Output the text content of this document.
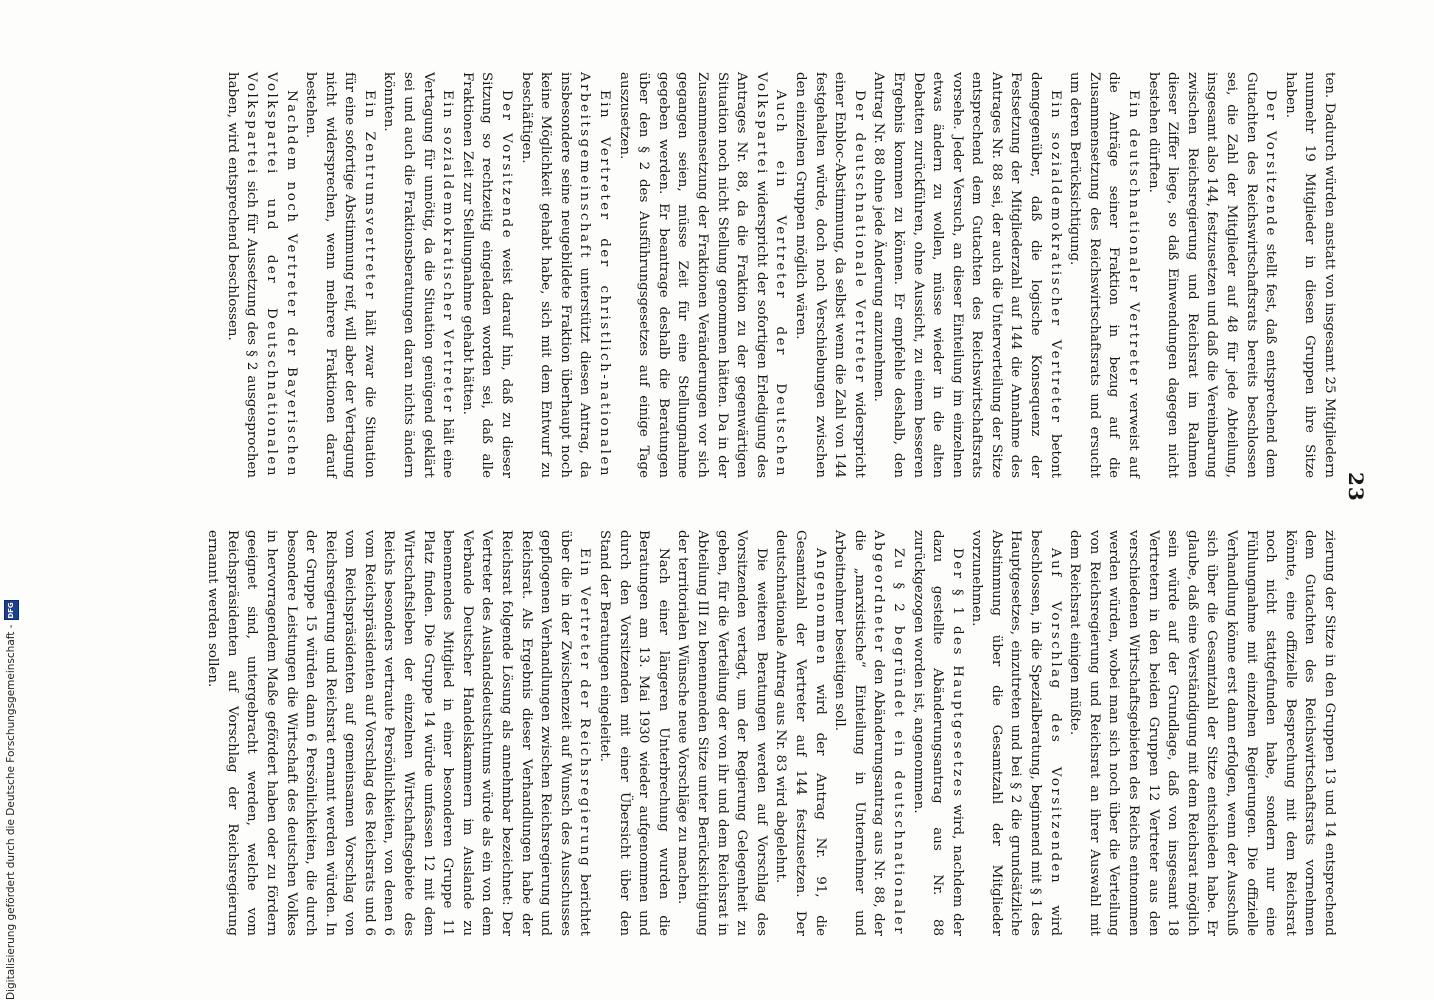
23

ten. Dadurch würden anstatt von insgesamt 25 Mitgliedern nunmehr 19 Mitglieder in diesen Gruppen ihre Sitze haben.

Der Vorsitzende stellt fest, daß entsprechend dem Gutachten des Reichswirtschaftsrats bereits beschlossen sei, die Zahl der Mitglieder auf 48 für jede Abteilung, insgesamt also 144, festzusetzen und daß die Vereinbarung zwischen Reichsregierung und Reichsrat im Rahmen dieser Ziffer liege, so daß Einwendungen dagegen nicht bestehen dürften.

Ein deutschnationaler Vertreter verweist auf die Anträge seiner Fraktion in bezug auf die Zusammensetzung des Reichswirtschaftsrats und ersucht um deren Berücksichtigung.

Ein sozialdemokratischer Vertreter betont demgegenüber, daß die logische Konsequenz der Festsetzung der Mitgliederzahl auf 144 die Annahme des Antrages Nr. 88 sei, der auch die Unterverteilung der Sitze entsprechend dem Gutachten des Reichswirtschaftsrats vorsehe. Jeder Versuch, an dieser Einteilung im einzelnen etwas ändern zu wollen, müsse wieder in die alten Debatten zurückführen, ohne Aussicht, zu einem besseren Ergebnis kommen zu können. Er empfehle deshalb, den Antrag Nr. 88 ohne jede Änderung anzunehmen.

Der deutschnationale Vertreter widerspricht einer Enbloc-Abstimmung, da selbst wenn die Zahl von 144 festgehalten würde, doch noch Verschiebungen zwischen den einzelnen Gruppen möglich wären.

Auch ein Vertreter der Deutschen Volkspartei widerspricht der sofortigen Erledigung des Antrages Nr. 88, da die Fraktion zu der gegenwärtigen Situation noch nicht Stellung genommen hätten. Da in der Zusammensetzung der Fraktionen Veränderungen vor sich gegangen seien, müsse Zeit für eine Stellungnahme gegeben werden. Er beantrage deshalb die Beratungen über den § 2 des Ausführungsgesetzes auf einige Tage auszusetzen.

Ein Vertreter der christlich-nationalen Arbeitsgemeinschaft unterstützt diesen Antrag, da insbesondere seine neugebildete Fraktion überhaupt noch keine Möglichkeit gehabt habe, sich mit dem Entwurf zu beschäftigen.

Der Vorsitzende weist darauf hin, daß zu dieser Sitzung so rechtzeitig eingeladen worden sei, daß alle Fraktionen Zeit zur Stellungnahme gehabt hätten.

Ein sozialdemokratischer Vertreter hält eine Vertagung für unnötig, da die Situation genügend geklärt sei und auch die Fraktionsberatungen daran nichts ändern könnten.

Ein Zentrumsvertreter hält zwar die Situation für eine sofortige Abstimmung reif, will aber der Vertagung nicht widersprechen, wenn mehrere Fraktionen darauf bestehen.

Nachdem noch Vertreter der Bayerischen Volkspartei und der Deutschnationalen Volkspartei sich für Aussetzung des § 2 ausgesprochen haben, wird entsprechend beschlossen.

zierung der Sitze in den Gruppen 13 und 14 entsprechend dem Gutachten des Reichswirtschaftsrats vornehmen könnte, eine offizielle Besprechung mit dem Reichsrat noch nicht stattgefunden habe, sondern nur eine Fühlungnahme mit einzelnen Regierungen. Die offizielle Verhandlung könne erst dann erfolgen, wenn der Ausschuß sich über die Gesamtzahl der Sitze entschieden habe. Er glaube, daß eine Verständigung mit dem Reichsrat möglich sein würde auf der Grundlage, daß von insgesamt 18 Vertretern in den beiden Gruppen 12 Vertreter aus den verschiedenen Wirtschaftsgebieten des Reichs entnommen werden würden, wobei man sich noch über die Verteilung von Reichsregierung und Reichsrat an ihrer Auswahl mit dem Reichsrat einigen müßte.

Auf Vorschlag des Vorsitzenden wird beschlossen, in die Spezialberatung, beginnend mit § 1 des Hauptgesetzes, einzutreten und bei § 2 die grundsätzliche Abstimmung über die Gesamtzahl der Mitglieder vorzunehmen.

Der § 1 des Hauptgesetzes wird, nachdem der dazu gestellte Abänderungsantrag aus Nr. 88 zurückgezogen worden ist, angenommen.

Zu § 2 begründet ein deutschnationaler Abgeordneter den Abänderungsantrag aus Nr. 88, der die „marxistische“ Einteilung in Unternehmer und Arbeitnehmer beseitigen soll.

Angenommen wird der Antrag Nr. 91, die Gesamtzahl der Vertreter auf 144 festzusetzen. Der deutschnationale Antrag aus Nr. 83 wird abgelehnt.

Die weiteren Beratungen werden auf Vorschlag des Vorsitzenden vertagt, um der Regierung Gelegenheit zu geben, für die Verteilung der von ihr und dem Reichsrat in Abteilung III zu benennenden Sitze unter Berücksichtigung der territorialen Wünsche neue Vorschläge zu machen.

Nach einer längeren Unterbrechung wurden die Beratungen am 13. Mai 1930 wieder aufgenommen und durch den Vorsitzenden mit einer Übersicht über den Stand der Beratungen eingeleitet.

Ein Vertreter der Reichsregierung berichtet über die in der Zwischenzeit auf Wunsch des Ausschusses gepflogenen Verhandlungen zwischen Reichsregierung und Reichsrat. Als Ergebnis dieser Verhandlungen habe der Reichsrat folgende Lösung als annehmbar bezeichnet: Der Vertreter des Auslandsdeutschtums würde als ein von dem Verbande Deutscher Handelskammern im Auslande zu benennendes Mitglied in einer besonderen Gruppe 11 Platz finden. Die Gruppe 14 würde umfassen 12 mit dem Wirtschaftsleben der einzelnen Wirtschaftsgebiete des Reichs besonders vertraute Persönlichkeiten, von denen 6 vom Reichspräsidenten auf Vorschlag des Reichsrats und 6 vom Reichspräsidenten auf gemeinsamen Vorschlag von Reichsregierung und Reichsrat ernannt werden würden. In der Gruppe 15 würden dann 6 Persönlichkeiten, die durch besondere Leistungen die Wirtschaft des deutschen Volkes in hervorragendem Maße gefördert haben oder zu fördern geeignet sind, untergebracht werden, welche vom Reichspräsidenten auf Vorschlag der Reichsregierung ernannt werden sollen.

Digitalisierung gefördert durch die Deutsche Forschungsgemeinschaft -
DFG
